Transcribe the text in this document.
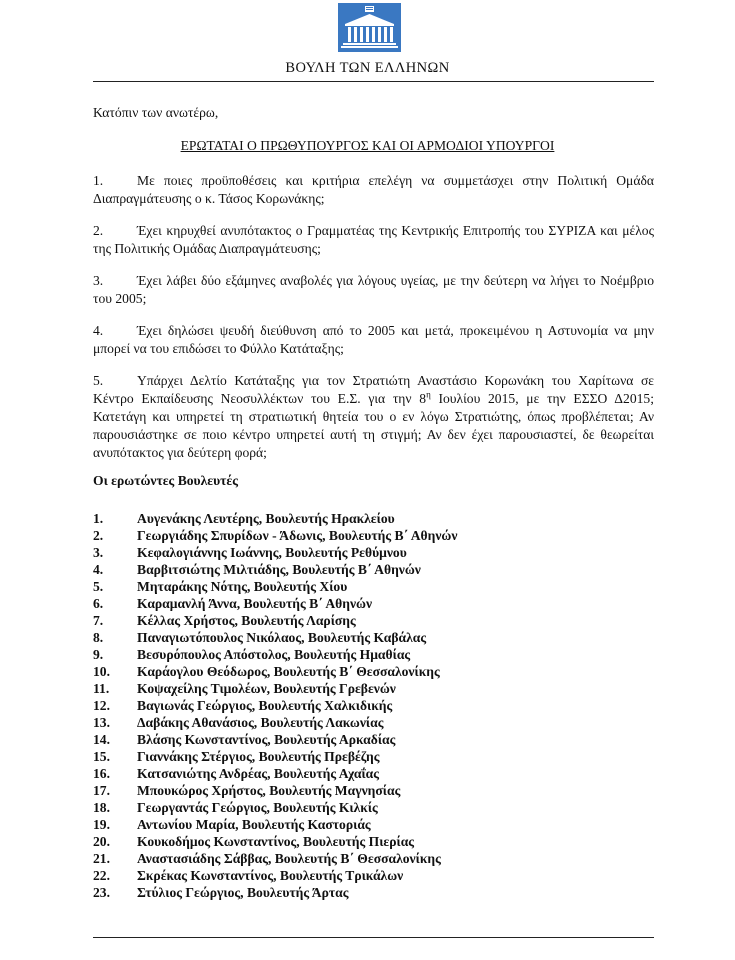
ΒΟΥΛΗ ΤΩΝ ΕΛΛΗΝΩΝ
Κατόπιν των ανωτέρω,
ΕΡΩΤΑΤΑΙ Ο ΠΡΩΘΥΠΟΥΡΓΟΣ ΚΑΙ ΟΙ ΑΡΜΟΔΙΟΙ ΥΠΟΥΡΓΟΙ

1. Με ποιες προϋποθέσεις και κριτήρια επελέγη να συμμετάσχει στην Πολιτική Ομάδα Διαπραγμάτευσης ο κ. Τάσος Κορωνάκης;

2. Έχει κηρυχθεί ανυπότακτος ο Γραμματέας της Κεντρικής Επιτροπής του ΣΥΡΙΖΑ και μέλος της Πολιτικής Ομάδας Διαπραγμάτευσης;

3. Έχει λάβει δύο εξάμηνες αναβολές για λόγους υγείας, με την δεύτερη να λήγει το Νοέμβριο του 2005;

4. Έχει δηλώσει ψευδή διεύθυνση από το 2005 και μετά, προκειμένου η Αστυνομία να μην μπορεί να του επιδώσει το Φύλλο Κατάταξης;

5. Υπάρχει Δελτίο Κατάταξης για τον Στρατιώτη Αναστάσιο Κορωνάκη του Χαρίτωνα σε Κέντρο Εκπαίδευσης Νεοσυλλέκτων του Ε.Σ. για την $8^\eta$ Ιουλίου 2015, με την ΕΣΣΟ Δ2015; Κατετάγη και υπηρετεί τη στρατιωτική θητεία του ο εν λόγω Στρατιώτης, όπως προβλέπεται; Αν παρουσιάστηκε σε ποιο κέντρο υπηρετεί αυτή τη στιγμή; Αν δεν έχει παρουσιαστεί, δε θεωρείται ανυπότακτος για δεύτερη φορά;

Οι ερωτώντες Βουλευτές
1.	Αυγενάκης Λευτέρης, Βουλευτής Ηρακλείου
2.	Γεωργιάδης Σπυρίδων - Άδωνις, Βουλευτής Β΄ Αθηνών
3.	Κεφαλογιάννης Ιωάννης, Βουλευτής Ρεθύμνου
4.	Βαρβιτσιώτης Μιλτιάδης, Βουλευτής Β΄ Αθηνών
5.	Μηταράκης Νότης, Βουλευτής Χίου
6.	Καραμανλή Άννα, Βουλευτής Β΄ Αθηνών
7.	Κέλλας Χρήστος, Βουλευτής Λαρίσης
8.	Παναγιωτόπουλος Νικόλαος, Βουλευτής Καβάλας
9.	Βεσυρόπουλος Απόστολος, Βουλευτής Ημαθίας
10.	Καράογλου Θεόδωρος, Βουλευτής Β΄ Θεσσαλονίκης
11.	Κοψαχείλης Τιμολέων, Βουλευτής Γρεβενών
12.	Βαγιωνάς Γεώργιος, Βουλευτής Χαλκιδικής
13.	Δαβάκης Αθανάσιος, Βουλευτής Λακωνίας
14.	Βλάσης Κωνσταντίνος, Βουλευτής Αρκαδίας
15.	Γιαννάκης Στέργιος, Βουλευτής Πρεβέζης
16.	Κατσανιώτης Ανδρέας, Βουλευτής Αχαΐας
17.	Μπουκώρος Χρήστος, Βουλευτής Μαγνησίας
18.	Γεωργαντάς Γεώργιος, Βουλευτής Κιλκίς
19.	Αντωνίου Μαρία, Βουλευτής Καστοριάς
20.	Κουκοδήμος Κωνσταντίνος, Βουλευτής Πιερίας
21.	Αναστασιάδης Σάββας, Βουλευτής Β΄ Θεσσαλονίκης
22.	Σκρέκας Κωνσταντίνος, Βουλευτής Τρικάλων
23.	Στύλιος Γεώργιος, Βουλευτής Άρτας
